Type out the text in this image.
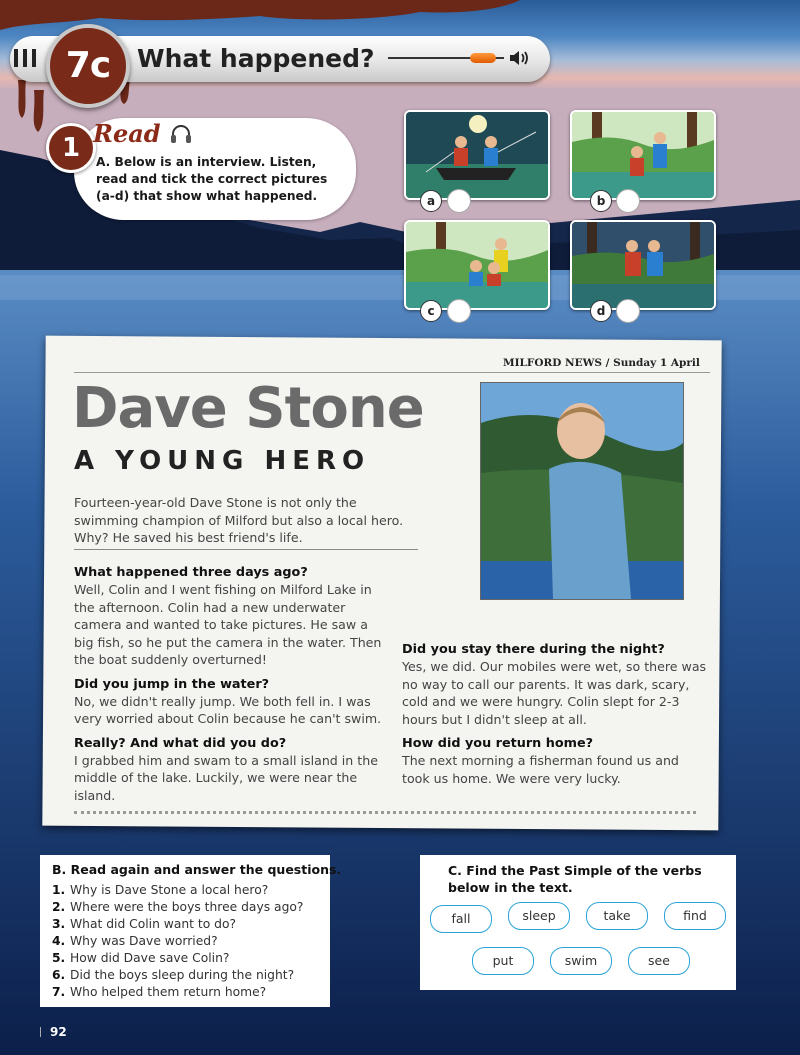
7c	What happened?
1 Read
A. Below is an interview. Listen, read and tick the correct pictures (a-d) that show what happened.	a	b
c	d
MILFORD NEWS / Sunday 1 April
Dave Stone
A YOUNG HERO
Fourteen-year-old Dave Stone is not only the swimming champion of Milford but also a local hero. Why? He saved his best friend's life.
What happened three days ago?
Well, Colin and I went fishing on Milford Lake in the afternoon. Colin had a new underwater camera and wanted to take pictures. He saw a big fish, so he put the camera in the water. Then the boat suddenly overturned!
Did you jump in the water?
No, we didn't really jump. We both fell in. I was very worried about Colin because he can't swim.
Really? And what did you do?
I grabbed him and swam to a small island in the middle of the lake. Luckily, we were near the island.
Did you stay there during the night?
Yes, we did. Our mobiles were wet, so there was no way to call our parents. It was dark, scary, cold and we were hungry. Colin slept for 2-3 hours but I didn't sleep at all.
How did you return home?
The next morning a fisherman found us and took us home. We were very lucky.
B. Read again and answer the questions.
1. Why is Dave Stone a local hero?
2. Where were the boys three days ago?
3. What did Colin want to do?
4. Why was Dave worried?
5. How did Dave save Colin?
6. Did the boys sleep during the night?
7. Who helped them return home?
C. Find the Past Simple of the verbs below in the text.
fall	sleep	take	find
put	swim	see
92
